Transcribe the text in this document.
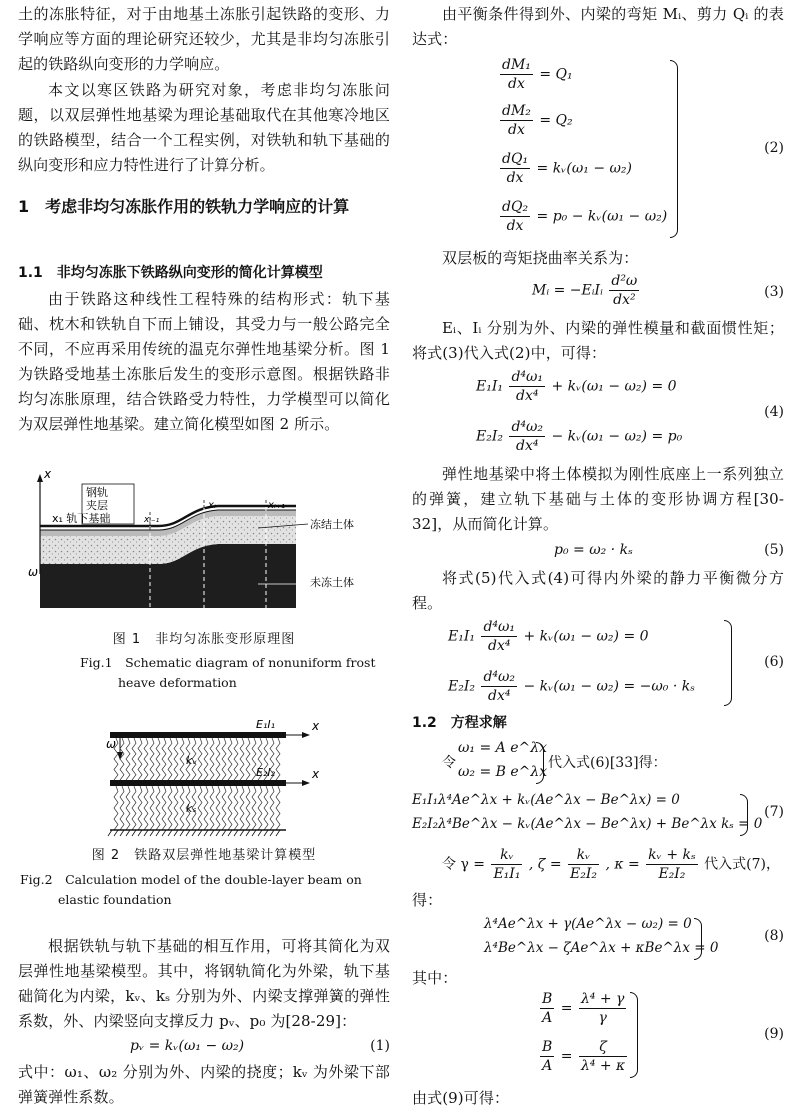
土的冻胀特征，对于由地基土冻胀引起铁路的变形、力学响应等方面的理论研究还较少，尤其是非均匀冻胀引起的铁路纵向变形的力学响应。

本文以寒区铁路为研究对象，考虑非均匀冻胀问题，以双层弹性地基梁为理论基础取代在其他寒冷地区的铁路模型，结合一个工程实例，对铁轨和轨下基础的纵向变形和应力特性进行了计算分析。

1　考虑非均匀冻胀作用的铁轨力学响应的计算
1.1　非均匀冻胀下铁路纵向变形的简化计算模型

由于铁路这种线性工程特殊的结构形式：轨下基础、枕木和铁轨自下而上铺设，其受力与一般公路完全不同，不应再采用传统的温克尔弹性地基梁分析。图 1 为铁路受地基土冻胀后发生的变形示意图。根据铁路非均匀冻胀原理，结合铁路受力特性，力学模型可以简化为双层弹性地基梁。建立简化模型如图 2 所示。

x
钢轨
夹层
x₁ 轨下基础	xᵢ₋₁
xᵢ	xᵢ₊₁
冻结土体
未冻土体
ω

图 1　非均匀冻胀变形原理图

Fig.1　Schematic diagram of nonuniform frost

heave deformation

E₁I₁
E₂I₂
x
x
ω
kᵥ
kₛ

图 2　铁路双层弹性地基梁计算模型

Fig.2　Calculation model of the double-layer beam on

elastic foundation

根据铁轨与轨下基础的相互作用，可将其简化为双层弹性地基梁模型。其中，将钢轨简化为外梁，轨下基础简化为内梁，kᵥ、kₛ 分别为外、内梁支撑弹簧的弹性系数，外、内梁竖向支撑反力 pᵥ、p₀ 为[28-29]：

pᵥ = kᵥ(ω₁ − ω₂)	(1)

式中：ω₁、ω₂ 分别为外、内梁的挠度；kᵥ 为外梁下部弹簧弹性系数。

由平衡条件得到外、内梁的弯矩 Mᵢ、剪力 Qᵢ 的表达式：

$\frac{\text{dM₁}}{dx} = Q_1$
$\frac{\text{dM₂}}{dx} = Q_2$
$\frac{\text{dQ₁}}{dx}$ = kᵥ(ω₁ − ω₂)
$\frac{\text{dQ₂}}{dx} = p_0$ − kᵥ(ω₁ − ω₂)
(2)

双层板的弯矩挠曲率关系为：

Mᵢ = −EᵢIᵢ $\frac{\text{d²ω}}{\text{dx²}}$	(3)

Eᵢ、Iᵢ 分别为外、内梁的弹性模量和截面惯性矩；将式(3)代入式(2)中，可得：

$E_1I_1 \frac{\text{d⁴ω₁}}{\text{dx⁴}}$ + kᵥ(ω₁ − ω₂) = 0
$E_2I_2 \frac{\text{d⁴ω₂}}{\text{dx⁴}}$ − kᵥ(ω₁ − ω₂) = p₀
(4)

弹性地基梁中将土体模拟为刚性底座上一系列独立的弹簧，建立轨下基础与土体的变形协调方程[30-32]，从而简化计算。

p₀ = ω₂ · kₛ	(5)

将式(5)代入式(4)可得内外梁的静力平衡微分方程。

$E_1I_1 \frac{\text{d⁴ω₁}}{\text{dx⁴}}$ + kᵥ(ω₁ − ω₂) = 0
$E_2I_2 \frac{\text{d⁴ω₂}}{\text{dx⁴}}$ − kᵥ(ω₁ − ω₂) = −ω₀ · kₛ
(6)
1.2　方程求解
令
ω₁ = A e^λx
ω₂ = B e^λx
代入式(6)[33]得：
E₁I₁λ⁴Ae^λx + kᵥ(Ae^λx − Be^λx) = 0
E₂I₂λ⁴Be^λx − kᵥ(Ae^λx − Be^λx) + Be^λx kₛ = 0
(7)
令 $\gamma = \frac{\text{kᵥ}}{\text{E₁I₁}}$ , $\zeta = \frac{\text{kᵥ}}{\text{E₂I₂}}$ , $\kappa = \frac{\text{kᵥ + kₛ}}{\text{E₂I₂}}$ 代入式(7)，

得：

λ⁴Ae^λx + γ(Ae^λx − ω₂) = 0
λ⁴Be^λx − ζAe^λx + κBe^λx = 0
(8)

其中：

$\frac{B}{A} = \frac{\text{λ⁴ + γ}}{\gamma}$
$\frac{B}{A} = \frac{\zeta}{\text{λ⁴ + κ}}$
(9)

由式(9)可得：
